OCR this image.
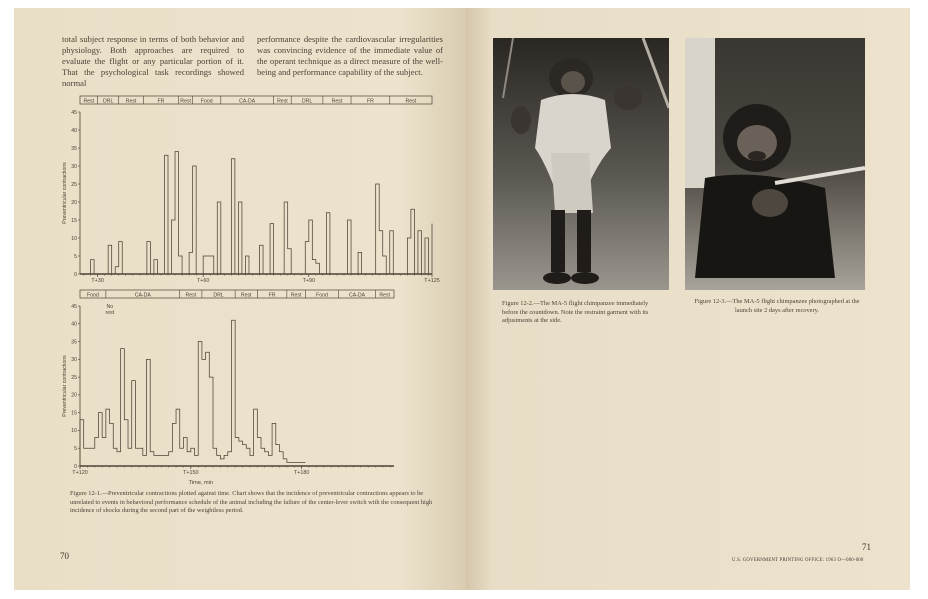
total subject response in terms of both behavior and physiology. Both approaches are required to evaluate the flight or any particular portion of it. That the psychological task recordings showed normal
performance despite the cardiovascular irregularities was convincing evidence of the immediate value of the operant technique as a direct measure of the well-being and performance capability of the subject.
Rest DRL Rest	FR	Rest Food	CA-DA	Rest	DRL	Rest	FR	Rest
0
5
10
15
20
25
30
35
40
45
T+30	T+60	T+90	T+125
Preventricular contractions
Food	CA-DA	Rest	DRL	Rest	FR	Rest	Food	CA-DA	Rest
0
5
10
15
20
25
30
35
40
45
T+120	T+150	T+180
Preventricular contractions
Time, min
No
rest
Figure 12-1.—Preventricular contractions plotted against time. Chart shows that the incidence of preventricular contractions appears to be unrelated to events in behavioral performance schedule of the animal including the failure of the center-lever switch with the consequent high incidence of shocks during the second part of the weightless period.
70
Figure 12-2.—The MA-5 flight chimpanzee immediately before the countdown. Note the restraint garment with its adjustments at the side.
Figure 12-3.—The MA-5 flight chimpanzee photographed at the launch site 2 days after recovery.
U.S. GOVERNMENT PRINTING OFFICE: 1963 O—000-000
71
